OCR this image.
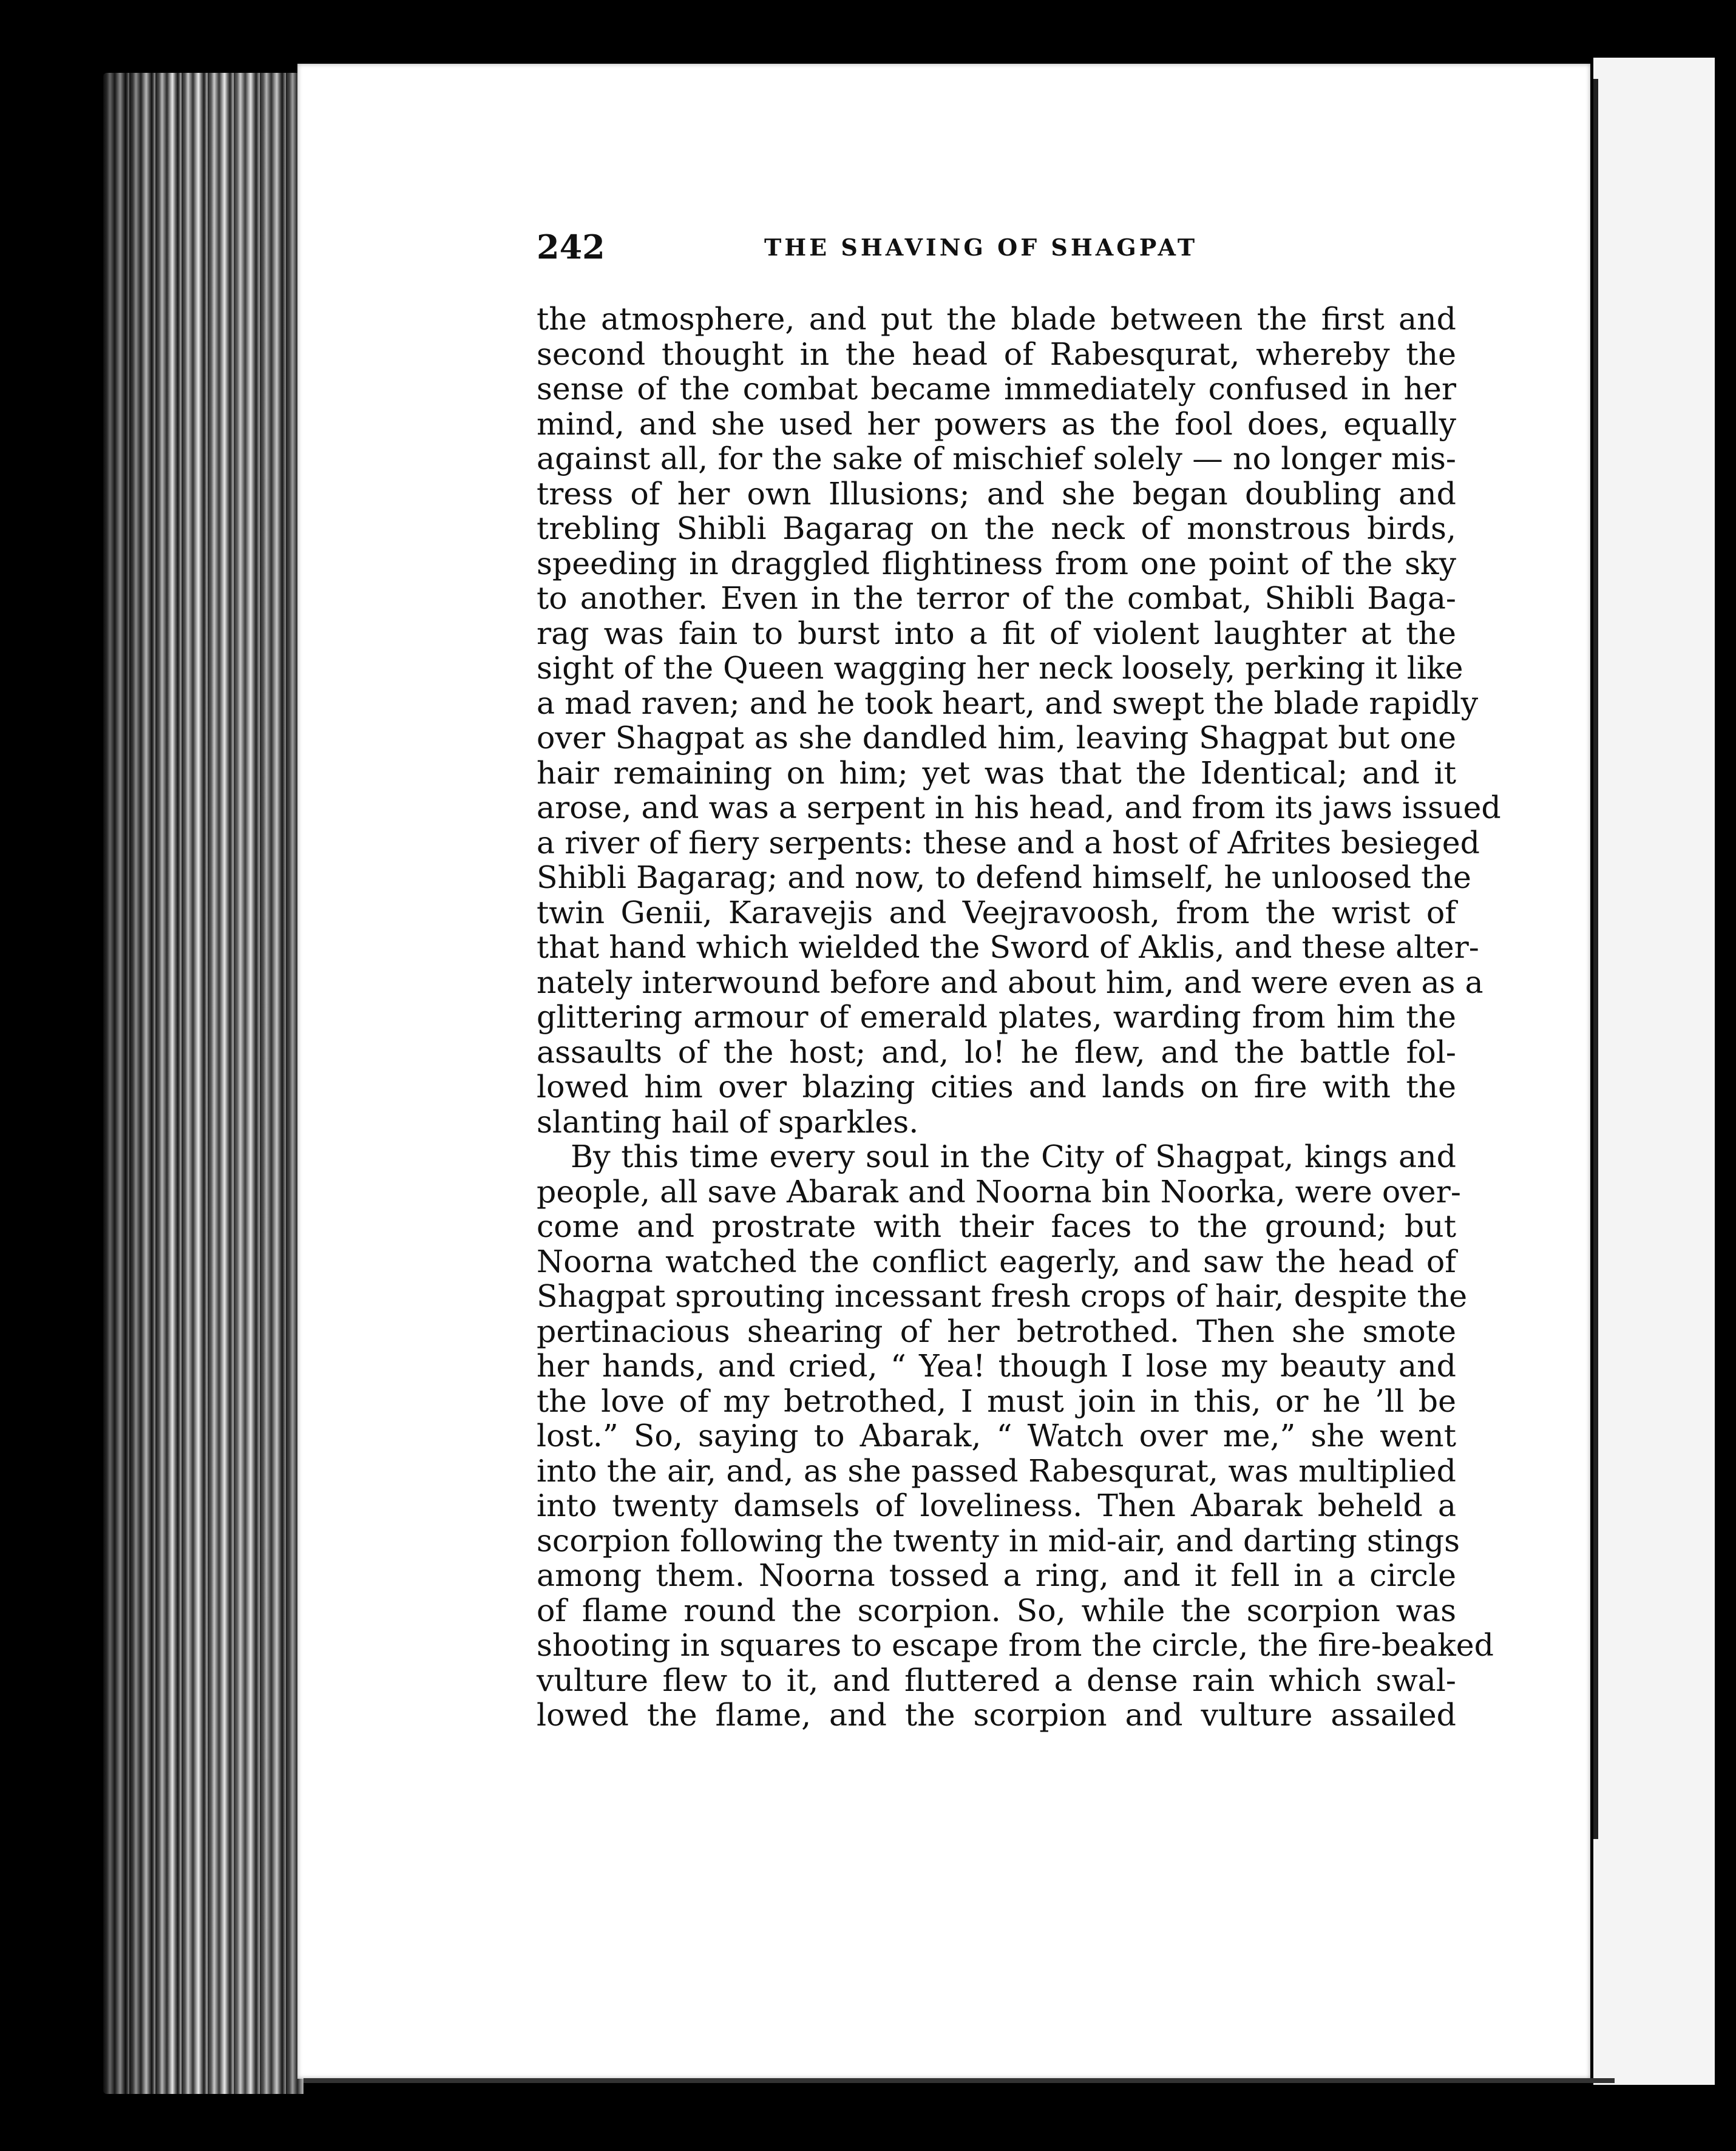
242	THE SHAVING OF SHAGPAT
the atmosphere, and put the blade between the first and
second thought in the head of Rabesqurat, whereby the
sense of the combat became immediately confused in her
mind, and she used her powers as the fool does, equally
against all, for the sake of mischief solely — no longer mis-
tress of her own Illusions; and she began doubling and
trebling Shibli Bagarag on the neck of monstrous birds,
speeding in draggled flightiness from one point of the sky
to another. Even in the terror of the combat, Shibli Baga-
rag was fain to burst into a fit of violent laughter at the
sight of the Queen wagging her neck loosely, perking it like
a mad raven; and he took heart, and swept the blade rapidly
over Shagpat as she dandled him, leaving Shagpat but one
hair remaining on him; yet was that the Identical; and it
arose, and was a serpent in his head, and from its jaws issued
a river of fiery serpents: these and a host of Afrites besieged
Shibli Bagarag; and now, to defend himself, he unloosed the
twin Genii, Karavejis and Veejravoosh, from the wrist of
that hand which wielded the Sword of Aklis, and these alter-
nately interwound before and about him, and were even as a
glittering armour of emerald plates, warding from him the
assaults of the host; and, lo! he flew, and the battle fol-
lowed him over blazing cities and lands on fire with the
slanting hail of sparkles.
By this time every soul in the City of Shagpat, kings and
people, all save Abarak and Noorna bin Noorka, were over-
come and prostrate with their faces to the ground; but
Noorna watched the conflict eagerly, and saw the head of
Shagpat sprouting incessant fresh crops of hair, despite the
pertinacious shearing of her betrothed. Then she smote
her hands, and cried, “ Yea! though I lose my beauty and
the love of my betrothed, I must join in this, or he ’ll be
lost.” So, saying to Abarak, “ Watch over me,” she went
into the air, and, as she passed Rabesqurat, was multiplied
into twenty damsels of loveliness. Then Abarak beheld a
scorpion following the twenty in mid-air, and darting stings
among them. Noorna tossed a ring, and it fell in a circle
of flame round the scorpion. So, while the scorpion was
shooting in squares to escape from the circle, the fire-beaked
vulture flew to it, and fluttered a dense rain which swal-
lowed the flame, and the scorpion and vulture assailed
